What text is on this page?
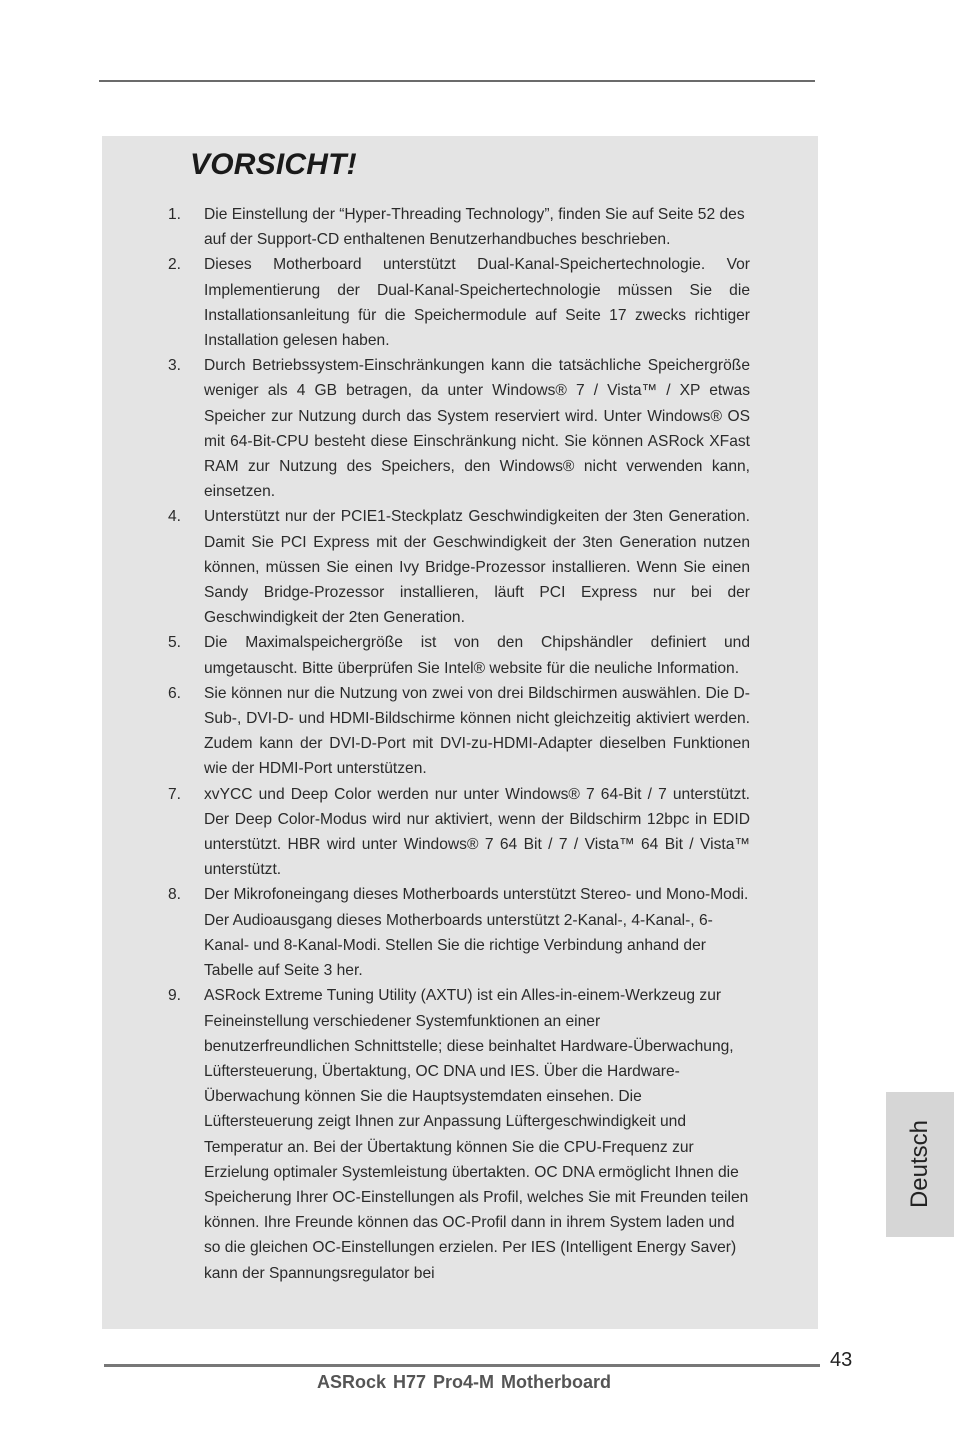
VORSICHT!
1. Die Einstellung der “Hyper-Threading Technology”, finden Sie auf Seite 52 des auf der Support-CD enthaltenen Benutzerhandbuches beschrieben.
2. Dieses Motherboard unterstützt Dual-Kanal-Speichertechnologie. Vor Implementierung der Dual-Kanal-Speichertechnologie müssen Sie die Installationsanleitung für die Speichermodule auf Seite 17 zwecks richtiger Installation gelesen haben.
3. Durch Betriebssystem-Einschränkungen kann die tatsächliche Speichergröße weniger als 4 GB betragen, da unter Windows® 7 / Vista™ / XP etwas Speicher zur Nutzung durch das System reserviert wird. Unter Windows® OS mit 64-Bit-CPU besteht diese Einschränkung nicht. Sie können ASRock XFast RAM zur Nutzung des Speichers, den Windows® nicht verwenden kann, einsetzen.
4. Unterstützt nur der PCIE1-Steckplatz Geschwindigkeiten der 3ten Generation. Damit Sie PCI Express mit der Geschwindigkeit der 3ten Generation nutzen können, müssen Sie einen Ivy Bridge-Prozessor installieren. Wenn Sie einen Sandy Bridge-Prozessor installieren, läuft PCI Express nur bei der Geschwindigkeit der 2ten Generation.
5. Die Maximalspeichergröße ist von den Chipshändler definiert und umgetauscht. Bitte überprüfen Sie Intel® website für die neuliche Information.
6. Sie können nur die Nutzung von zwei von drei Bildschirmen auswählen. Die D-Sub-, DVI-D- und HDMI-Bildschirme können nicht gleichzeitig aktiviert werden. Zudem kann der DVI-D-Port mit DVI-zu-HDMI-Adapter dieselben Funktionen wie der HDMI-Port unterstützen.
7. xvYCC und Deep Color werden nur unter Windows® 7 64-Bit / 7 unterstützt. Der Deep Color-Modus wird nur aktiviert, wenn der Bildschirm 12bpc in EDID unterstützt. HBR wird unter Windows® 7 64 Bit / 7 / Vista™ 64 Bit / Vista™ unterstützt.
8. Der Mikrofoneingang dieses Motherboards unterstützt Stereo- und Mono-Modi. Der Audioausgang dieses Motherboards unterstützt 2-Kanal-, 4-Kanal-, 6-Kanal- und 8-Kanal-Modi. Stellen Sie die richtige Verbindung anhand der Tabelle auf Seite 3 her.
9. ASRock Extreme Tuning Utility (AXTU) ist ein Alles-in-einem-Werkzeug zur Feineinstellung verschiedener Systemfunktionen an einer benutzerfreundlichen Schnittstelle; diese beinhaltet Hardware-Überwachung, Lüftersteuerung, Übertaktung, OC DNA und IES. Über die Hardware-Überwachung können Sie die Hauptsystemdaten einsehen. Die Lüftersteuerung zeigt Ihnen zur Anpassung Lüftergeschwindigkeit und Temperatur an. Bei der Übertaktung können Sie die CPU-Frequenz zur Erzielung optimaler Systemleistung übertakten. OC DNA ermöglicht Ihnen die Speicherung Ihrer OC-Einstellungen als Profil, welches Sie mit Freunden teilen können. Ihre Freunde können das OC-Profil dann in ihrem System laden und so die gleichen OC-Einstellungen erzielen. Per IES (Intelligent Energy Saver) kann der Spannungsregulator bei
Deutsch
43
ASRock H77 Pro4-M Motherboard
